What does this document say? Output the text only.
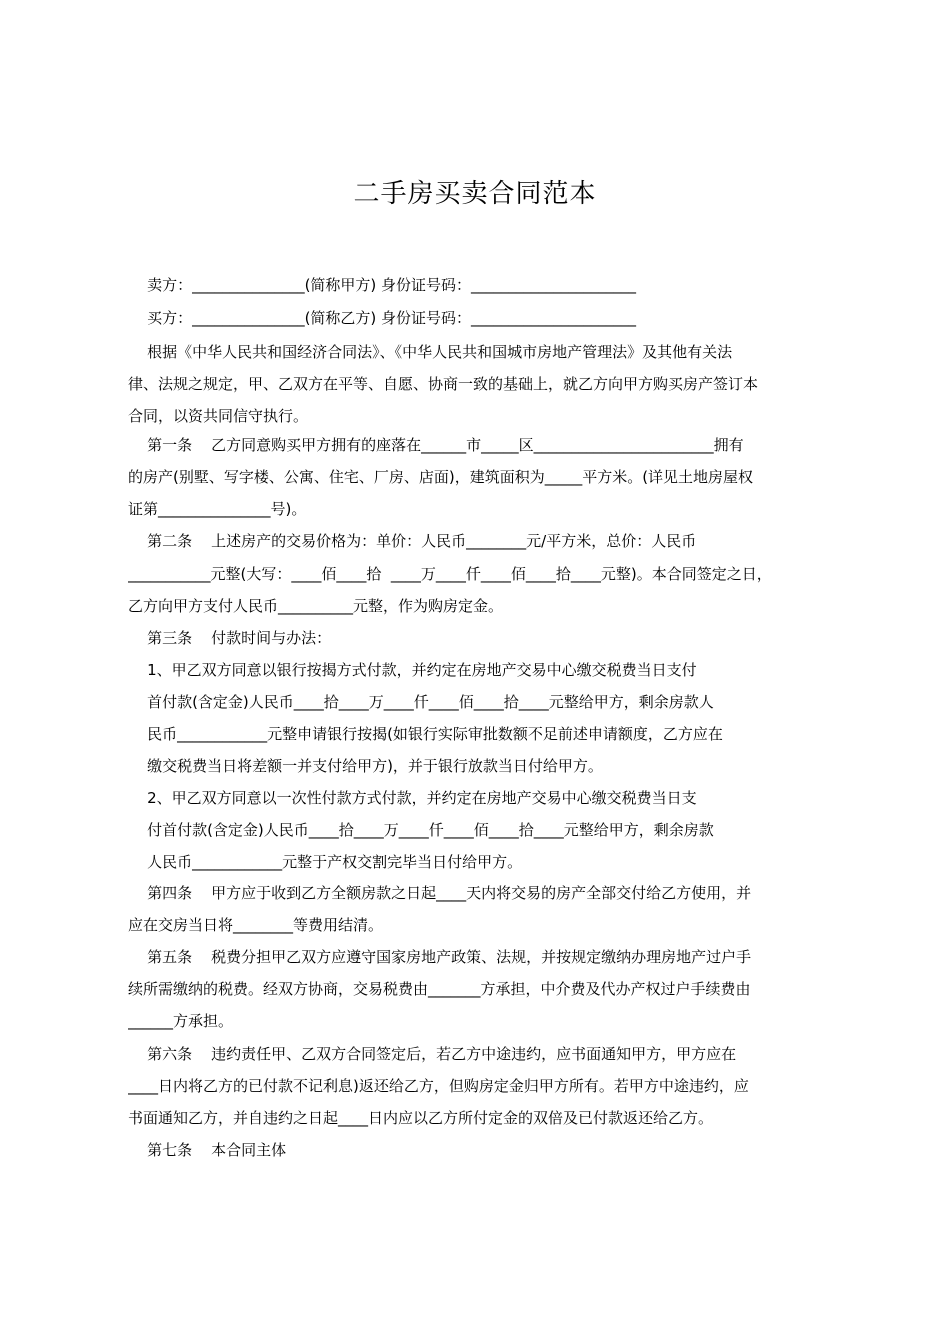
二手房买卖合同范本
卖方：_______________(简称甲方) 身份证号码：______________________
买方：_______________(简称乙方) 身份证号码：______________________
根据《中华人民共和国经济合同法》、《中华人民共和国城市房地产管理法》及其他有关法
律、法规之规定，甲、乙双方在平等、自愿、协商一致的基础上，就乙方向甲方购买房产签订本
合同，以资共同信守执行。
第一条    乙方同意购买甲方拥有的座落在______市_____区________________________拥有
的房产(别墅、写字楼、公寓、住宅、厂房、店面)，建筑面积为_____平方米。(详见土地房屋权
证第_______________号)。
第二条    上述房产的交易价格为：单价：人民币________元/平方米，总价：人民币
___________元整(大写：____佰____拾  ____万____仟____佰____拾____元整)。本合同签定之日，
乙方向甲方支付人民币__________元整，作为购房定金。
第三条    付款时间与办法：
1、甲乙双方同意以银行按揭方式付款，并约定在房地产交易中心缴交税费当日支付
首付款(含定金)人民币____拾____万____仟____佰____拾____元整给甲方，剩余房款人
民币____________元整申请银行按揭(如银行实际审批数额不足前述申请额度，乙方应在
缴交税费当日将差额一并支付给甲方)，并于银行放款当日付给甲方。
2、甲乙双方同意以一次性付款方式付款，并约定在房地产交易中心缴交税费当日支
付首付款(含定金)人民币____拾____万____仟____佰____拾____元整给甲方，剩余房款
人民币____________元整于产权交割完毕当日付给甲方。
第四条    甲方应于收到乙方全额房款之日起____天内将交易的房产全部交付给乙方使用，并
应在交房当日将________等费用结清。
第五条    税费分担甲乙双方应遵守国家房地产政策、法规，并按规定缴纳办理房地产过户手
续所需缴纳的税费。经双方协商，交易税费由_______方承担，中介费及代办产权过户手续费由
______方承担。
第六条    违约责任甲、乙双方合同签定后，若乙方中途违约，应书面通知甲方，甲方应在
____日内将乙方的已付款不记利息)返还给乙方，但购房定金归甲方所有。若甲方中途违约，应
书面通知乙方，并自违约之日起____日内应以乙方所付定金的双倍及已付款返还给乙方。
第七条    本合同主体
